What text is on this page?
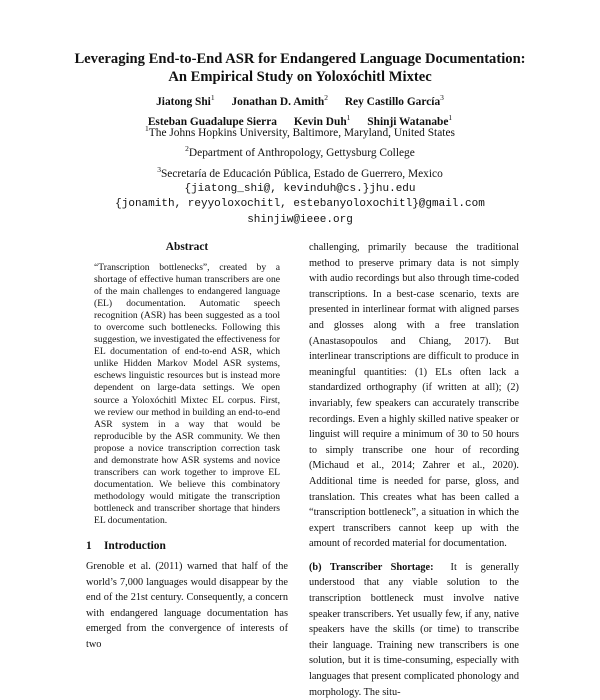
Leveraging End-to-End ASR for Endangered Language Documentation:
An Empirical Study on Yoloxóchitl Mixtec
Jiatong Shi$^1$ Jonathan D. Amith$^2$ Rey Castillo García$^3$
Esteban Guadalupe Sierra Kevin Duh$^1$ Shinji Watanabe$^1$
$^1$The Johns Hopkins University, Baltimore, Maryland, United States
$^2$Department of Anthropology, Gettysburg College
$^3$Secretaría de Educación Pública, Estado de Guerrero, Mexico
{jiatong_shi@, kevinduh@cs.}jhu.edu
{jonamith, reyyoloxochitl, estebanyoloxochitl}@gmail.com
shinjiw@ieee.org
Abstract
“Transcription bottlenecks”, created by a shortage of effective human transcribers are one of the main challenges to endangered language (EL) documentation. Automatic speech recognition (ASR) has been suggested as a tool to overcome such bottlenecks. Following this suggestion, we investigated the effectiveness for EL documentation of end-to-end ASR, which unlike Hidden Markov Model ASR systems, eschews linguistic resources but is instead more dependent on large-data settings. We open source a Yoloxóchitl Mixtec EL corpus. First, we review our method in building an end-to-end ASR system in a way that would be reproducible by the ASR community. We then propose a novice transcription correction task and demonstrate how ASR systems and novice transcribers can work together to improve EL documentation. We believe this combinatory methodology would mitigate the transcription bottleneck and transcriber shortage that hinders EL documentation.
1 Introduction
Grenoble et al. (2011) warned that half of the world’s 7,000 languages would disappear by the end of the 21st century. Consequently, a concern with endangered language documentation has emerged from the convergence of interests of two
challenging, primarily because the traditional method to preserve primary data is not simply with audio recordings but also through time-coded transcriptions. In a best-case scenario, texts are presented in interlinear format with aligned parses and glosses along with a free translation (Anastasopoulos and Chiang, 2017). But interlinear transcriptions are difficult to produce in meaningful quantities: (1) ELs often lack a standardized orthography (if written at all); (2) invariably, few speakers can accurately transcribe recordings. Even a highly skilled native speaker or linguist will require a minimum of 30 to 50 hours to simply transcribe one hour of recording (Michaud et al., 2014; Zahrer et al., 2020). Additional time is needed for parse, gloss, and translation. This creates what has been called a “transcription bottleneck”, a situation in which the expert transcribers cannot keep up with the amount of recorded material for documentation.
(b) Transcriber Shortage: It is generally understood that any viable solution to the transcription bottleneck must involve native speaker transcribers. Yet usually few, if any, native speakers have the skills (or time) to transcribe their language. Training new transcribers is one solution, but it is time-consuming, especially with languages that present complicated phonology and morphology. The situ-
